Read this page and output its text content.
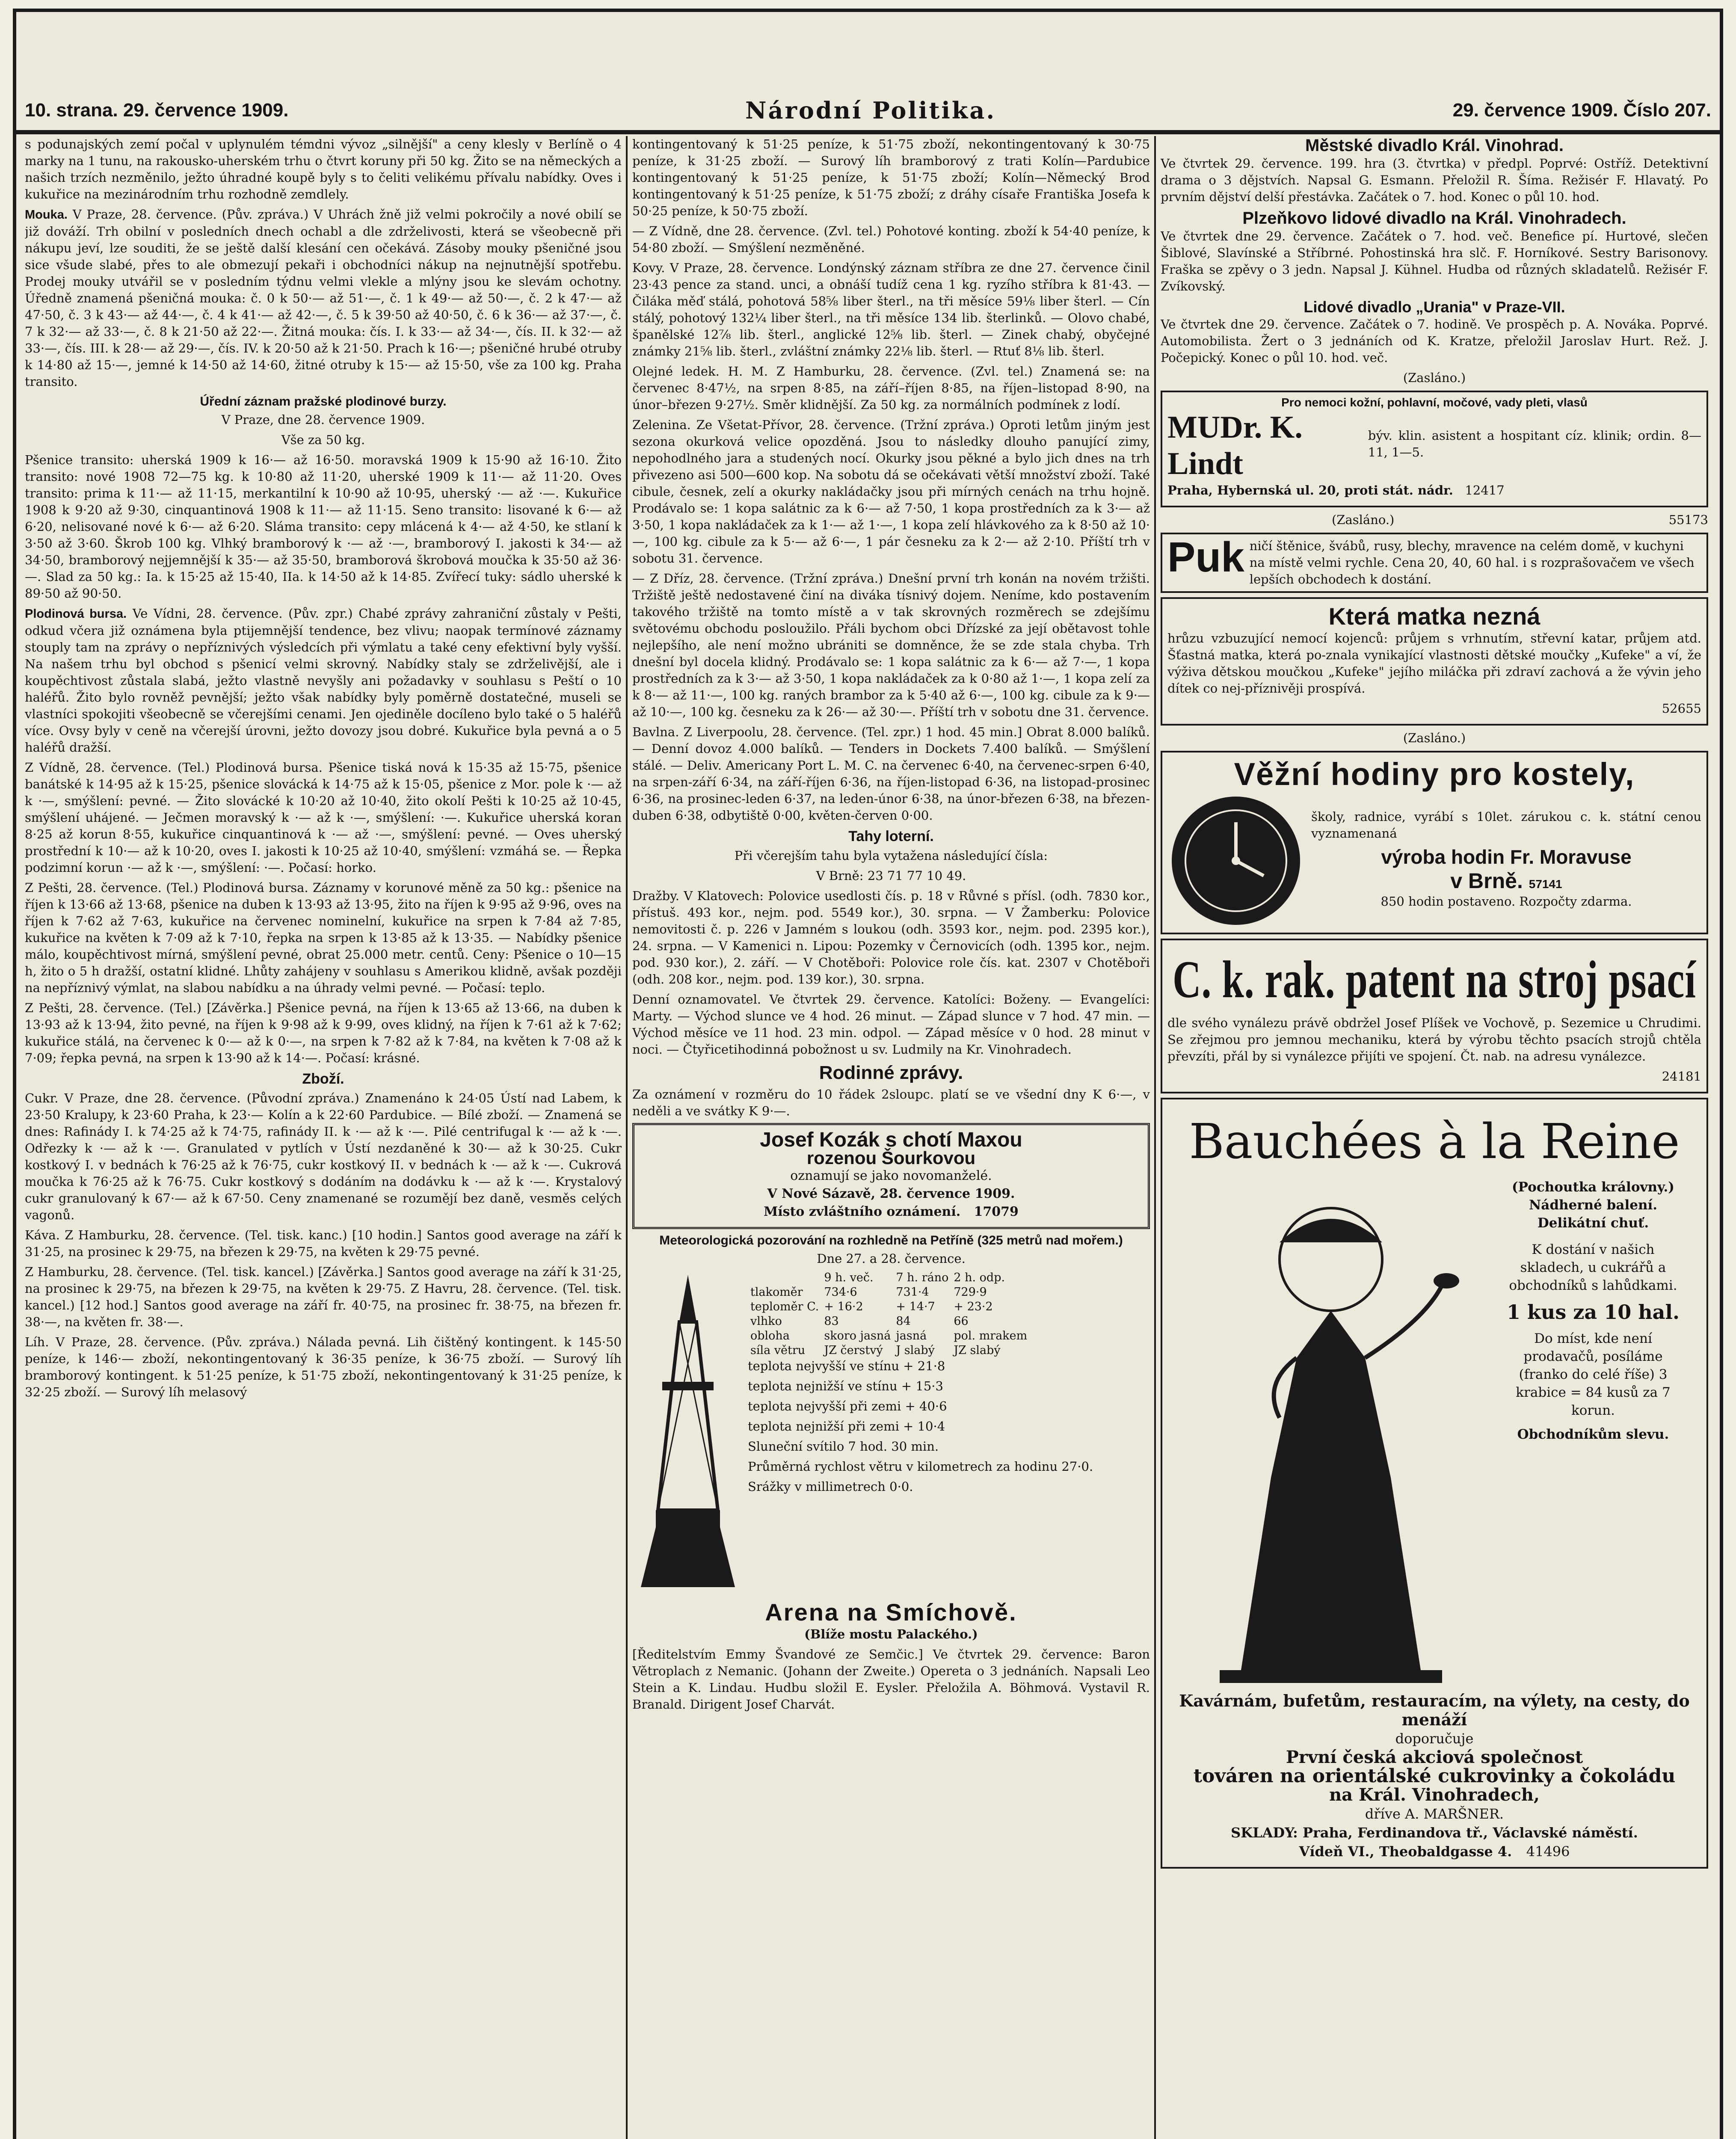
10. strana. 29. července 1909.	Národní Politika.	29. července 1909. Číslo 207.

s podunajských zemí počal v uplynulém témdni vývoz „silnější" a ceny klesly v Berlíně o 4 marky na 1 tunu, na rakousko-uherském trhu o čtvrt koruny při 50 kg. Žito se na německých a našich trzích nezměnilo, ježto úhradné koupě byly s to čeliti velikému přívalu nabídky. Oves i kukuřice na mezinárodním trhu rozhodně zemdlely.

Mouka. V Praze, 28. července. (Pův. zpráva.) V Uhrách žně již velmi pokročily a nové obilí se již dováží. Trh obilní v posledních dnech ochabl a dle zdrželivosti, která se všeobecně při nákupu jeví, lze souditi, že se ještě další klesání cen očekává. Zásoby mouky pšeničné jsou sice všude slabé, přes to ale obmezují pekaři i obchodníci nákup na nejnutnější spotřebu. Prodej mouky utvářil se v posledním týdnu velmi vlekle a mlýny jsou ke slevám ochotny. Úředně znamená pšeničná mouka: č. 0 k 50·— až 51·—, č. 1 k 49·— až 50·—, č. 2 k 47·— až 47·50, č. 3 k 43·— až 44·—, č. 4 k 41·— až 42·—, č. 5 k 39·50 až 40·50, č. 6 k 36·— až 37·—, č. 7 k 32·— až 33·—, č. 8 k 21·50 až 22·—. Žitná mouka: čís. I. k 33·— až 34·—, čís. II. k 32·— až 33·—, čís. III. k 28·— až 29·—, čís. IV. k 20·50 až k 21·50. Prach k 16·—; pšeničné hrubé otruby k 14·80 až 15·—, jemné k 14·50 až 14·60, žitné otruby k 15·— až 15·50, vše za 100 kg. Praha transito.

Úřední záznam pražské plodinové burzy.
V Praze, dne 28. července 1909.
Vše za 50 kg.

Pšenice transito: uherská 1909 k 16·— až 16·50. moravská 1909 k 15·90 až 16·10. Žito transito: nové 1908 72—75 kg. k 10·80 až 11·20, uherské 1909 k 11·— až 11·20. Oves transito: prima k 11·— až 11·15, merkantilní k 10·90 až 10·95, uherský ·— až ·—. Kukuřice 1908 k 9·20 až 9·30, cinquantinová 1908 k 11·— až 11·15. Seno transito: lisované k 6·— až 6·20, nelisované nové k 6·— až 6·20. Sláma transito: cepy mlácená k 4·— až 4·50, ke stlaní k 3·50 až 3·60. Škrob 100 kg. Vlhký bramborový k ·— až ·—, bramborový I. jakosti k 34·— až 34·50, bramborový nejjemnější k 35·— až 35·50, bramborová škrobová moučka k 35·50 až 36·—. Slad za 50 kg.: Ia. k 15·25 až 15·40, IIa. k 14·50 až k 14·85. Zvířecí tuky: sádlo uherské k 89·50 až 90·50.

Plodinová bursa. Ve Vídni, 28. července. (Pův. zpr.) Chabé zprávy zahraniční zůstaly v Pešti, odkud včera již oznámena byla ptijemnější tendence, bez vlivu; naopak termínové záznamy stouply tam na zprávy o nepříznivých výsledcích při výmlatu a také ceny efektivní byly vyšší. Na našem trhu byl obchod s pšenicí velmi skrovný. Nabídky staly se zdrželivější, ale i koupěchtivost zůstala slabá, ježto vlastně nevyšly ani požadavky v souhlasu s Peští o 10 haléřů. Žito bylo rovněž pevnější; ježto však nabídky byly poměrně dostatečné, museli se vlastníci spokojiti všeobecně se včerejšími cenami. Jen ojediněle docíleno bylo také o 5 haléřů více. Ovsy byly v ceně na včerejší úrovni, ježto dovozy jsou dobré. Kukuřice byla pevná a o 5 haléřů dražší.

Z Vídně, 28. července. (Tel.) Plodinová bursa. Pšenice tiská nová k 15·35 až 15·75, pšenice banátské k 14·95 až k 15·25, pšenice slovácká k 14·75 až k 15·05, pšenice z Mor. pole k ·— až k ·—, smýšlení: pevné. — Žito slovácké k 10·20 až 10·40, žito okolí Pešti k 10·25 až 10·45, smýšlení uhájené. — Ječmen moravský k ·— až k ·—, smýšlení: ·—. Kukuřice uherská koran 8·25 až korun 8·55, kukuřice cinquantinová k ·— až ·—, smýšlení: pevné. — Oves uherský prostřední k 10·— až k 10·20, oves I. jakosti k 10·25 až 10·40, smýšlení: vzmáhá se. — Řepka podzimní korun ·— až k ·—, smýšlení: ·—. Počasí: horko.

Z Pešti, 28. července. (Tel.) Plodinová bursa. Záznamy v korunové měně za 50 kg.: pšenice na říjen k 13·66 až 13·68, pšenice na duben k 13·93 až 13·95, žito na říjen k 9·95 až 9·96, oves na říjen k 7·62 až 7·63, kukuřice na červenec nominelní, kukuřice na srpen k 7·84 až 7·85, kukuřice na květen k 7·09 až k 7·10, řepka na srpen k 13·85 až k 13·35. — Nabídky pšenice málo, koupěchtivost mírná, smýšlení pevné, obrat 25.000 metr. centů. Ceny: Pšenice o 10—15 h, žito o 5 h dražší, ostatní klidné. Lhůty zahájeny v souhlasu s Amerikou klidně, avšak později na nepříznivý výmlat, na slabou nabídku a na úhrady velmi pevné. — Počasí: teplo.

Z Pešti, 28. července. (Tel.) [Závěrka.] Pšenice pevná, na říjen k 13·65 až 13·66, na duben k 13·93 až k 13·94, žito pevné, na říjen k 9·98 až k 9·99, oves klidný, na říjen k 7·61 až k 7·62; kukuřice stálá, na červenec k 0·— až k 0·—, na srpen k 7·82 až k 7·84, na květen k 7·08 až k 7·09; řepka pevná, na srpen k 13·90 až k 14·—. Počasí: krásné.

Zboží.

Cukr. V Praze, dne 28. července. (Původní zpráva.) Znamenáno k 24·05 Ústí nad Labem, k 23·50 Kralupy, k 23·60 Praha, k 23·— Kolín a k 22·60 Pardubice. — Bílé zboží. — Znamená se dnes: Rafinády I. k 74·25 až k 74·75, rafinády II. k ·— až k ·—. Pilé centrifugal k ·— až k ·—. Odřezky k ·— až k ·—. Granulated v pytlích v Ústí nezdaněné k 30·— až k 30·25. Cukr kostkový I. v bednách k 76·25 až k 76·75, cukr kostkový II. v bednách k ·— až k ·—. Cukrová moučka k 76·25 až k 76·75. Cukr kostkový s dodáním na dodávku k ·— až k ·—. Krystalový cukr granulovaný k 67·— až k 67·50. Ceny znamenané se rozumějí bez daně, vesměs celých vagonů.

Káva. Z Hamburku, 28. července. (Tel. tisk. kanc.) [10 hodin.] Santos good average na září k 31·25, na prosinec k 29·75, na březen k 29·75, na květen k 29·75 pevné.

Z Hamburku, 28. července. (Tel. tisk. kancel.) [Závěrka.] Santos good average na září k 31·25, na prosinec k 29·75, na březen k 29·75, na květen k 29·75. Z Havru, 28. července. (Tel. tisk. kancel.) [12 hod.] Santos good average na září fr. 40·75, na prosinec fr. 38·75, na březen fr. 38·—, na květen fr. 38·—.

Líh. V Praze, 28. července. (Pův. zpráva.) Nálada pevná. Lih čištěný kontingent. k 145·50 peníze, k 146·— zboží, nekontingentovaný k 36·35 peníze, k 36·75 zboží. — Surový líh bramborový kontingent. k 51·25 peníze, k 51·75 zboží, nekontingentovaný k 31·25 peníze, k 32·25 zboží. — Surový líh melasový

kontingentovaný k 51·25 peníze, k 51·75 zboží, nekontingentovaný k 30·75 peníze, k 31·25 zboží. — Surový líh bramborový z trati Kolín—Pardubice kontingentovaný k 51·25 peníze, k 51·75 zboží; Kolín—Německý Brod kontingentovaný k 51·25 peníze, k 51·75 zboží; z dráhy císaře Františka Josefa k 50·25 peníze, k 50·75 zboží.

— Z Vídně, dne 28. července. (Zvl. tel.) Pohotové konting. zboží k 54·40 peníze, k 54·80 zboží. — Smýšlení nezměněné.

Kovy. V Praze, 28. července. Londýnský záznam stříbra ze dne 27. července činil 23·43 pence za stand. unci, a obnáší tudíž cena 1 kg. ryzího stříbra k 81·43. — Čiláka měď stálá, pohotová 58⅝ liber šterl., na tři měsíce 59⅛ liber šterl. — Cín stálý, pohotový 132¼ liber šterl., na tři měsíce 134 lib. šterlinků. — Olovo chabé, španělské 12⅞ lib. šterl., anglické 12⅝ lib. šterl. — Zinek chabý, obyčejné známky 21⅝ lib. šterl., zvláštní známky 22⅛ lib. šterl. — Rtuť 8⅛ lib. šterl.

Olejné ledek. H. M. Z Hamburku, 28. července. (Zvl. tel.) Znamená se: na červenec 8·47½, na srpen 8·85, na září–říjen 8·85, na říjen–listopad 8·90, na únor–březen 9·27½. Směr klidnější. Za 50 kg. za normálních podmínek z lodí.

Zelenina. Ze Všetat-Přívor, 28. července. (Tržní zpráva.) Oproti letům jiným jest sezona okurková velice opozděná. Jsou to následky dlouho panující zimy, nepohodlného jara a studených nocí. Okurky jsou pěkné a bylo jich dnes na trh přivezeno asi 500—600 kop. Na sobotu dá se očekávati větší množství zboží. Také cibule, česnek, zelí a okurky nakládačky jsou při mírných cenách na trhu hojně. Prodávalo se: 1 kopa salátnic za k 6·— až 7·50, 1 kopa prostředních za k 3·— až 3·50, 1 kopa nakládaček za k 1·— až 1·—, 1 kopa zelí hlávkového za k 8·50 až 10·—, 100 kg. cibule za k 5·— až 6·—, 1 pár česneku za k 2·— až 2·10. Příští trh v sobotu 31. července.

— Z Dříz, 28. července. (Tržní zpráva.) Dnešní první trh konán na novém tržišti. Tržiště ještě nedostavené činí na divákа tísnivý dojem. Neníme, kdo postavením takového tržiště na tomto místě a v tak skrovných rozměrech se zdejšímu světovému obchodu posloužilo. Přáli bychom obci Dřízské za její obětavost tohle nejlepšího, ale není možno ubrániti se domněnce, že se zde stala chyba. Trh dnešní byl docela klidný. Prodávalo se: 1 kopa salátnic za k 6·— až 7·—, 1 kopa prostředních za k 3·— až 3·50, 1 kopa nakládaček za k 0·80 až 1·—, 1 kopa zelí za k 8·— až 11·—, 100 kg. raných brambor za k 5·40 až 6·—, 100 kg. cibule za k 9·— až 10·—, 100 kg. česneku za k 26·— až 30·—. Příští trh v sobotu dne 31. července.

Bavlna. Z Liverpoolu, 28. července. (Tel. zpr.) 1 hod. 45 min.] Obrat 8.000 balíků. — Denní dovoz 4.000 balíků. — Tenders in Dockets 7.400 balíků. — Smýšlení stálé. — Deliv. Americany Port L. M. C. na červenec 6·40, na červenec-srpen 6·40, na srpen-září 6·34, na září-říjen 6·36, na říjen-listopad 6·36, na listopad-prosinec 6·36, na prosinec-leden 6·37, na leden-únor 6·38, na únor-březen 6·38, na březen-duben 6·38, odbytiště 0·00, květen-červen 0·00.

Tahy loterní.
Při včerejším tahu byla vytažena následující čísla:
V Brně: 23 71 77 10 49.

Dražby. V Klatovech: Polovice usedlosti čís. p. 18 v Růvné s přísl. (odh. 7830 kor., přístuš. 493 kor., nejm. pod. 5549 kor.), 30. srpna. — V Žamberku: Polovice nemovitosti č. p. 226 v Jamném s loukou (odh. 3593 kor., nejm. pod. 2395 kor.), 24. srpna. — V Kamenici n. Lipou: Pozemky v Černovicích (odh. 1395 kor., nejm. pod. 930 kor.), 2. září. — V Chotěboři: Polovice role čís. kat. 2307 v Chotěboři (odh. 208 kor., nejm. pod. 139 kor.), 30. srpna.

Denní oznamovatel. Ve čtvrtek 29. července. Katolíci: Boženy. — Evangelíci: Marty. — Východ slunce ve 4 hod. 26 minut. — Západ slunce v 7 hod. 47 min. — Východ měsíce ve 11 hod. 23 min. odpol. — Západ měsíce v 0 hod. 28 minut v noci. — Čtyřicetihodinná pobožnost u sv. Ludmily na Kr. Vinohradech.

Rodinné zprávy.

Za oznámení v rozměru do 10 řádek 2sloupc. platí se ve všední dny K 6·—, v neděli a ve svátky K 9·—.

Josef Kozák s chotí Maxou
rozenou Šourkovou
oznamují se jako novomanželé.
V Nové Sázavě, 28. července 1909.
Místo zvláštního oznámení. 17079
Meteorologická pozorování na rozhledně na Petříně (325 metrů nad mořem.)
Dne 27. a 28. července.
	9 h. več.	7 h. ráno	2 h. odp.
tlakoměr	734·6	731·4	729·9
teploměr C.	+ 16·2	+ 14·7	+ 23·2
vlhko	83	84	66
obloha	skoro jasná	jasná	pol. mrakem
síla větru	JZ čerstvý	J slabý	JZ slabý
teplota nejvyšší ve stínu + 21·8
teplota nejnižší ve stínu + 15·3
teplota nejvyšší při zemi + 40·6
teplota nejnižší při zemi + 10·4
Sluneční svítilo 7 hod. 30 min.
Průměrná rychlost větru v kilometrech za hodinu 27·0.
Srážky v millimetrech 0·0.
Arena na Smíchově.
(Blíže mostu Palackého.)

[Ředitelstvím Emmy Švandové ze Semčic.] Ve čtvrtek 29. července: Baron Větroplach z Nemanic. (Johann der Zweite.) Opereta o 3 jednáních. Napsali Leo Stein a K. Lindau. Hudbu složil E. Eysler. Přeložila A. Böhmová. Vystavil R. Branald. Dirigent Josef Charvát.

Městské divadlo Král. Vinohrad.

Ve čtvrtek 29. července. 199. hra (3. čtvrtka) v předpl. Poprvé: Ostříž. Detektivní drama o 3 dějstvích. Napsal G. Esmann. Přeložil R. Šíma. Režisér F. Hlavatý. Po prvním dějství delší přestávka. Začátek o 7. hod. Konec o půl 10. hod.

Plzeňkovo lidové divadlo na Král. Vinohradech.

Ve čtvrtek dne 29. července. Začátek o 7. hod. več. Benefice pí. Hurtové, slečen Šiblové, Slavínské a Stříbrné. Pohostinská hra slč. F. Horníkové. Sestry Barisonovy. Fraška se zpěvy o 3 jedn. Napsal J. Kühnel. Hudba od různých skladatelů. Režisér F. Zvíkovský.

Lidové divadlo „Urania" v Praze-VII.

Ve čtvrtek dne 29. července. Začátek o 7. hodině. Ve prospěch p. A. Nováka. Poprvé. Automobilista. Žert o 3 jednáních od K. Kratze, přeložil Jaroslav Hurt. Rež. J. Počepický. Konec o půl 10. hod. več.

(Zasláno.)
Pro nemoci kožní, pohlavní, močové, vady pleti, vlasů
MUDr. K. Lindt
býv. klin. asistent a hospitant cíz. klinik; ordin. 8—11, 1—5.
Praha, Hybernská ul. 20, proti stát. nádr. 12417
(Zasláno.)	55173
Puk ničí štěnice, švábů, rusy, blechy, mravence na celém domě, v kuchyni na místě velmi rychle. Cena 20, 40, 60 hal. i s rozprašovačem ve všech lepších obchodech k dostání.
Která matka nezná

hrůzu vzbuzující nemocí kojenců: průjem s vrhnutím, střevní katar, průjem atd. Šťastná matka, která po-znala vynikající vlastnosti dětské moučky „Kufeke" a ví, že výživa dětskou moučkou „Kufeke" jejího miláčka při zdraví zachová a že vývin jeho dítek co nej-příznivěji prospívá.

52655
(Zasláno.)
Věžní hodiny pro kostely,

školy, radnice, vyrábí s 10let. zárukou c. k. státní cenou vyznamenaná

výroba hodin Fr. Moravuse
v Brně. 57141
850 hodin postaveno. Rozpočty zdarma.
C. k. rak. patent na stroj psací

dle svého vynálezu právě obdržel Josef Plíšek ve Vochově, p. Sezemice u Chrudimi. Se zřejmou pro jemnou mechaniku, která by výrobu těchto psacích strojů chtěla převzíti, přál by si vynálezce přijíti ve spojení. Čt. nab. na adresu vynálezce.

24181
Bauchées à la Reine
(Pochoutka královny.)
Nádherné balení.
Delikátní chuť.
K dostání v našich skladech, u cukrářů a obchodníků s lahůdkami.
1 kus za 10 hal.
Do míst, kde není prodavačů, posíláme (franko do celé říše) 3 krabice = 84 kusů za 7 korun.
Obchodníkům slevu.
Kavárnám, bufetům, restauracím, na výlety, na cesty, do menáží
doporučuje
První česká akciová společnost
továren na orientálské cukrovinky a čokoládu
na Král. Vinohradech,
dříve A. MARŠNER.
SKLADY: Praha, Ferdinandova tř., Václavské náměstí.
Vídeň VI., Theobaldgasse 4. 41496
